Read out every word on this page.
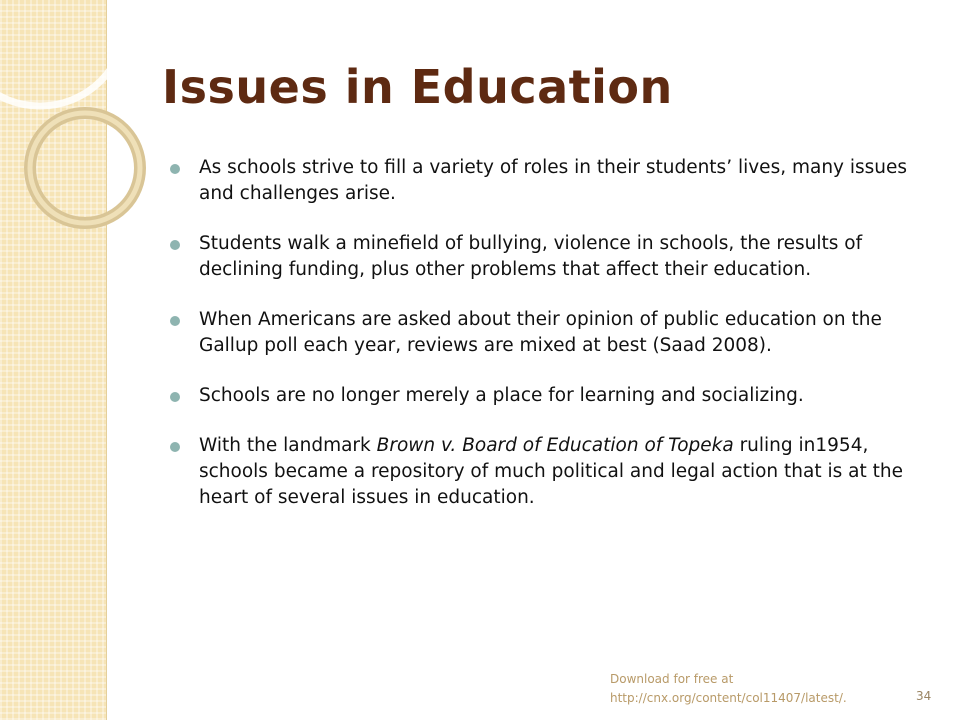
Issues in Education
As schools strive to fill a variety of roles in their students’ lives, many issues and challenges arise.
Students walk a minefield of bullying, violence in schools, the results of declining funding, plus other problems that affect their education.
When Americans are asked about their opinion of public education on the Gallup poll each year, reviews are mixed at best (Saad 2008).
Schools are no longer merely a place for learning and socializing.
With the landmark Brown v. Board of Education of Topeka ruling in1954, schools became a repository of much political and legal action that is at the heart of several issues in education.
Download for free at
http://cnx.org/content/col11407/latest/.	34
